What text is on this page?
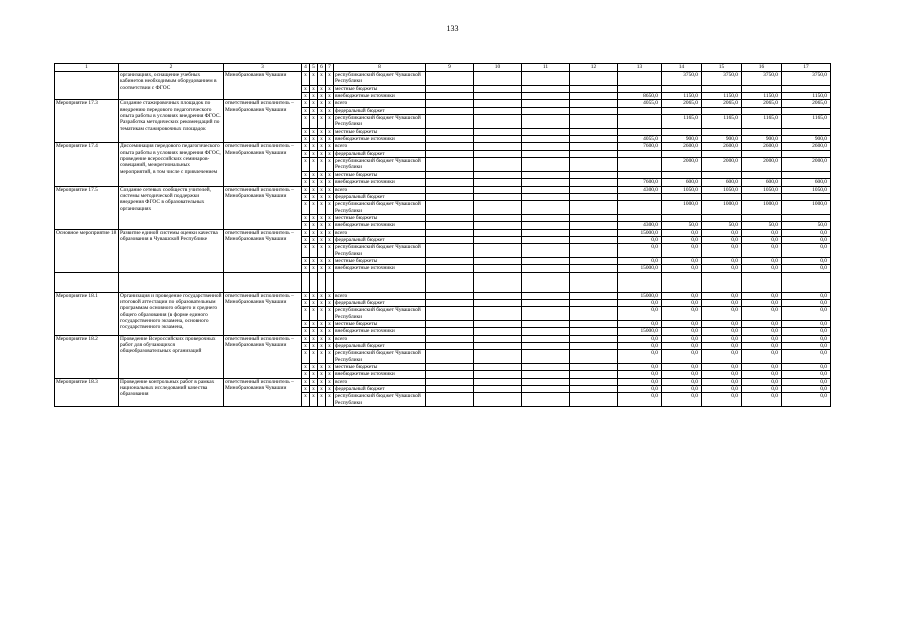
133
1	2	3	4	5	6	7	8	9	10	11	12	13	14	15	16	17
	организациях, оснащение учебных кабинетов необходимым оборудованием в соответствии с ФГОС	Минобразования Чувашии	х	х	х	х	республиканский бюджет Чувашской Республики						3750,0	3750,0	3750,0	3750,0
			х	х	х	х	местные бюджеты									
			х	х	х	х	внебюджетные источники					8650,0	1150,0	1150,0	1150,0	1150,0
Мероприятие 17.3	Создание стажировочных площадок по внедрению передового педагогического опыта работы в условиях внедрения ФГОС. Разработка методических рекомендаций по тематикам стажировочных площадок	ответственный исполнитель – Минобразования Чувашии	х	х	х	х	всего					4055,0	2065,0	2065,0	2065,0	2065,0
			х	х	х	х	федеральный бюджет									
			х	х	х	х	республиканский бюджет Чувашской Республики						1165,0	1165,0	1165,0	1165,0
			х	х	х	х	местные бюджеты									
			х	х	х	х	внебюджетные источники					4055,0	900,0	900,0	900,0	900,0
Мероприятие 17.4	Диссеминация передового педагогического опыта работы в условиях внедрения ФГОС, проведение всероссийских семинаров-совещаний, межрегиональных мероприятий, в том числе с привлечением	ответственный исполнитель – Минобразования Чувашии	х	х	х	х	всего					7600,0	2600,0	2600,0	2600,0	2600,0
			х	х	х	х	федеральный бюджет									
			х	х	х	х	республиканский бюджет Чувашской Республики						2000,0	2000,0	2000,0	2000,0
			х	х	х	х	местные бюджеты									
			х	х	х	х	внебюджетные источники					7600,0	600,0	600,0	600,0	600,0
Мероприятие 17.5	Создание сетевых сообществ учителей, системы методической поддержки внедрения ФГОС в образовательных организациях	ответственный исполнитель – Минобразования Чувашии	х	х	х	х	всего					4300,0	1050,0	1050,0	1050,0	1050,0
			х	х	х	х	федеральный бюджет									
			х	х	х	х	республиканский бюджет Чувашской Республики						1000,0	1000,0	1000,0	1000,0
			х	х	х	х	местные бюджеты									
			х	х	х	х	внебюджетные источники					4300,0	50,0	50,0	50,0	50,0
Основное мероприятие 18	Развитие единой системы оценки качества образования в Чувашской Республике	ответственный исполнитель – Минобразования Чувашии	х	х	х	х	всего					15000,0	0,0	0,0	0,0	0,0
			х	х	х	х	федеральный бюджет					0,0	0,0	0,0	0,0	0,0
			х	х	х	х	республиканский бюджет Чувашской Республики					0,0	0,0	0,0	0,0	0,0
			х	х	х	х	местные бюджеты					0,0	0,0	0,0	0,0	0,0
			х	х	х	х	внебюджетные источники					15000,0	0,0	0,0	0,0	0,0

Мероприятие 18.1	Организация и проведение государственной итоговой аттестации по образовательным программам основного общего и среднего общего образования (в форме единого государственного экзамена, основного государственного экзамена,	ответственный исполнитель – Минобразования Чувашии	х	х	х	х	всего					15000,0	0,0	0,0	0,0	0,0
			х	х	х	х	федеральный бюджет					0,0	0,0	0,0	0,0	0,0
			х	х	х	х	республиканский бюджет Чувашской Республики					0,0	0,0	0,0	0,0	0,0
			х	х	х	х	местные бюджеты					0,0	0,0	0,0	0,0	0,0
			х	х	х	х	внебюджетные источники					15000,0	0,0	0,0	0,0	0,0
Мероприятие 18.2	Проведение Всероссийских проверочных работ для обучающихся общеобразовательных организаций	ответственный исполнитель – Минобразования Чувашии	х	х	х	х	всего					0,0	0,0	0,0	0,0	0,0
			х	х	х	х	федеральный бюджет					0,0	0,0	0,0	0,0	0,0
			х	х	х	х	республиканский бюджет Чувашской Республики					0,0	0,0	0,0	0,0	0,0
			х	х	х	х	местные бюджеты					0,0	0,0	0,0	0,0	0,0
			х	х	х	х	внебюджетные источники					0,0	0,0	0,0	0,0	0,0
Мероприятие 18.3	Проведение контрольных работ в рамках национальных исследований качества образования	ответственный исполнитель – Минобразования Чувашии	х	х	х	х	всего					0,0	0,0	0,0	0,0	0,0
			х	х	х	х	федеральный бюджет					0,0	0,0	0,0	0,0	0,0
			х	х	х	х	республиканский бюджет Чувашской Республики					0,0	0,0	0,0	0,0	0,0
